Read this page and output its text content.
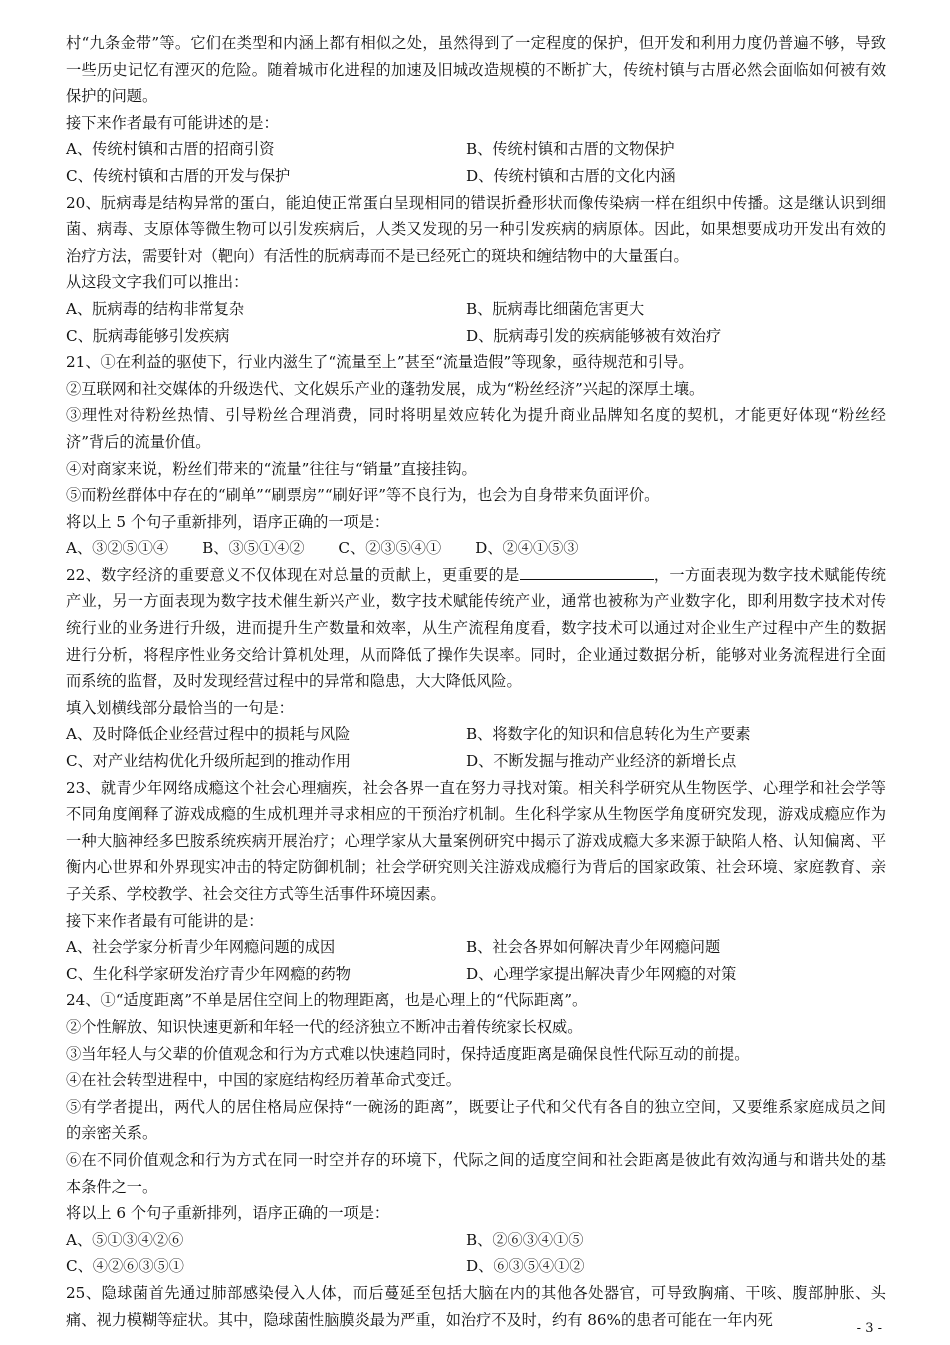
村“九条金带”等。它们在类型和内涵上都有相似之处，虽然得到了一定程度的保护，但开发和利用力度仍普遍不够，导致一些历史记忆有湮灭的危险。随着城市化进程的加速及旧城改造规模的不断扩大，传统村镇与古厝必然会面临如何被有效保护的问题。

接下来作者最有可能讲述的是：

A、传统村镇和古厝的招商引资	B、传统村镇和古厝的文物保护
C、传统村镇和古厝的开发与保护	D、传统村镇和古厝的文化内涵

20、朊病毒是结构异常的蛋白，能迫使正常蛋白呈现相同的错误折叠形状而像传染病一样在组织中传播。这是继认识到细菌、病毒、支原体等微生物可以引发疾病后，人类又发现的另一种引发疾病的病原体。因此，如果想要成功开发出有效的治疗方法，需要针对（靶向）有活性的朊病毒而不是已经死亡的斑块和缠结物中的大量蛋白。

从这段文字我们可以推出：

A、朊病毒的结构非常复杂	B、朊病毒比细菌危害更大
C、朊病毒能够引发疾病	D、朊病毒引发的疾病能够被有效治疗

21、①在利益的驱使下，行业内滋生了“流量至上”甚至“流量造假”等现象，亟待规范和引导。

②互联网和社交媒体的升级迭代、文化娱乐产业的蓬勃发展，成为“粉丝经济”兴起的深厚土壤。

③理性对待粉丝热情、引导粉丝合理消费，同时将明星效应转化为提升商业品牌知名度的契机，才能更好体现“粉丝经济”背后的流量价值。

④对商家来说，粉丝们带来的“流量”往往与“销量”直接挂钩。

⑤而粉丝群体中存在的“刷单”“刷票房”“刷好评”等不良行为，也会为自身带来负面评价。

将以上 5 个句子重新排列，语序正确的一项是：

A、③②⑤①④ B、③⑤①④② C、②③⑤④① D、②④①⑤③

22、数字经济的重要意义不仅体现在对总量的贡献上，更重要的是	，一方面表现为数字技术赋能传统产业，另一方面表现为数字技术催生新兴产业，数字技术赋能传统产业，通常也被称为产业数字化，即利用数字技术对传统行业的业务进行升级，进而提升生产数量和效率，从生产流程角度看，数字技术可以通过对企业生产过程中产生的数据进行分析，将程序性业务交给计算机处理，从而降低了操作失误率。同时，企业通过数据分析，能够对业务流程进行全面而系统的监督，及时发现经营过程中的异常和隐患，大大降低风险。

填入划横线部分最恰当的一句是：

A、及时降低企业经营过程中的损耗与风险	B、将数字化的知识和信息转化为生产要素
C、对产业结构优化升级所起到的推动作用	D、不断发掘与推动产业经济的新增长点

23、就青少年网络成瘾这个社会心理痼疾，社会各界一直在努力寻找对策。相关科学研究从生物医学、心理学和社会学等不同角度阐释了游戏成瘾的生成机理并寻求相应的干预治疗机制。生化科学家从生物医学角度研究发现，游戏成瘾应作为一种大脑神经多巴胺系统疾病开展治疗；心理学家从大量案例研究中揭示了游戏成瘾大多来源于缺陷人格、认知偏离、平衡内心世界和外界现实冲击的特定防御机制；社会学研究则关注游戏成瘾行为背后的国家政策、社会环境、家庭教育、亲子关系、学校教学、社会交往方式等生活事件环境因素。

接下来作者最有可能讲的是：

A、社会学家分析青少年网瘾问题的成因	B、社会各界如何解决青少年网瘾问题
C、生化科学家研发治疗青少年网瘾的药物	D、心理学家提出解决青少年网瘾的对策

24、①“适度距离”不单是居住空间上的物理距离，也是心理上的“代际距离”。

②个性解放、知识快速更新和年轻一代的经济独立不断冲击着传统家长权威。

③当年轻人与父辈的价值观念和行为方式难以快速趋同时，保持适度距离是确保良性代际互动的前提。

④在社会转型进程中，中国的家庭结构经历着革命式变迁。

⑤有学者提出，两代人的居住格局应保持“一碗汤的距离”，既要让子代和父代有各自的独立空间，又要维系家庭成员之间的亲密关系。

⑥在不同价值观念和行为方式在同一时空并存的环境下，代际之间的适度空间和社会距离是彼此有效沟通与和谐共处的基本条件之一。

将以上 6 个句子重新排列，语序正确的一项是：

A、⑤①③④②⑥	B、②⑥③④①⑤
C、④②⑥③⑤①	D、⑥③⑤④①②

25、隐球菌首先通过肺部感染侵入人体，而后蔓延至包括大脑在内的其他各处器官，可导致胸痛、干咳、腹部肿胀、头痛、视力模糊等症状。其中，隐球菌性脑膜炎最为严重，如治疗不及时，约有 86%的患者可能在一年内死	- 3 -
